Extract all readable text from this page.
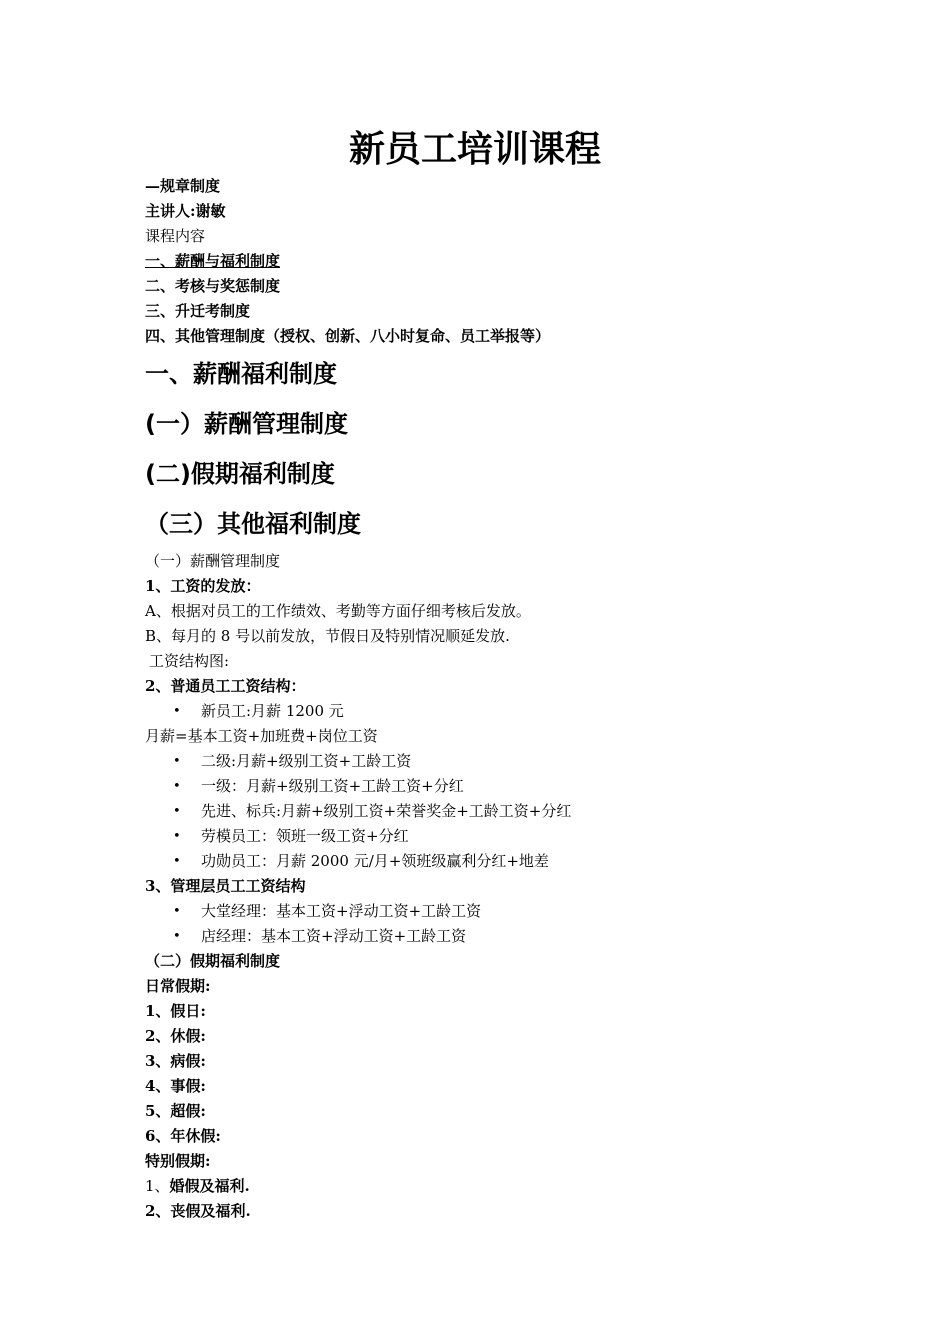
新员工培训课程
—规章制度
主讲人:谢敏
课程内容
一、薪酬与福利制度
二、考核与奖惩制度
三、升迁考制度
四、其他管理制度（授权、创新、八小时复命、员工举报等）
一、薪酬福利制度
(一）薪酬管理制度
(二)假期福利制度
（三）其他福利制度
（一）薪酬管理制度
1、工资的发放：
A、根据对员工的工作绩效、考勤等方面仔细考核后发放。
B、每月的 8 号以前发放，节假日及特别情况顺延发放.
工资结构图:
2、普通员工工资结构：
• 新员工:月薪 1200 元
月薪=基本工资+加班费+岗位工资
• 二级:月薪+级别工资+工龄工资
• 一级：月薪+级别工资+工龄工资+分红
• 先进、标兵:月薪+级别工资+荣誉奖金+工龄工资+分红
• 劳模员工：领班一级工资+分红
• 功勋员工：月薪 2000 元/月+领班级赢利分红+地差
3、管理层员工工资结构
• 大堂经理：基本工资+浮动工资+工龄工资
• 店经理：基本工资+浮动工资+工龄工资
（二）假期福利制度
日常假期:
1、假日:
2、休假:
3、病假:
4、事假:
5、超假:
6、年休假:
特别假期:
1、婚假及福利.
2、丧假及福利.
